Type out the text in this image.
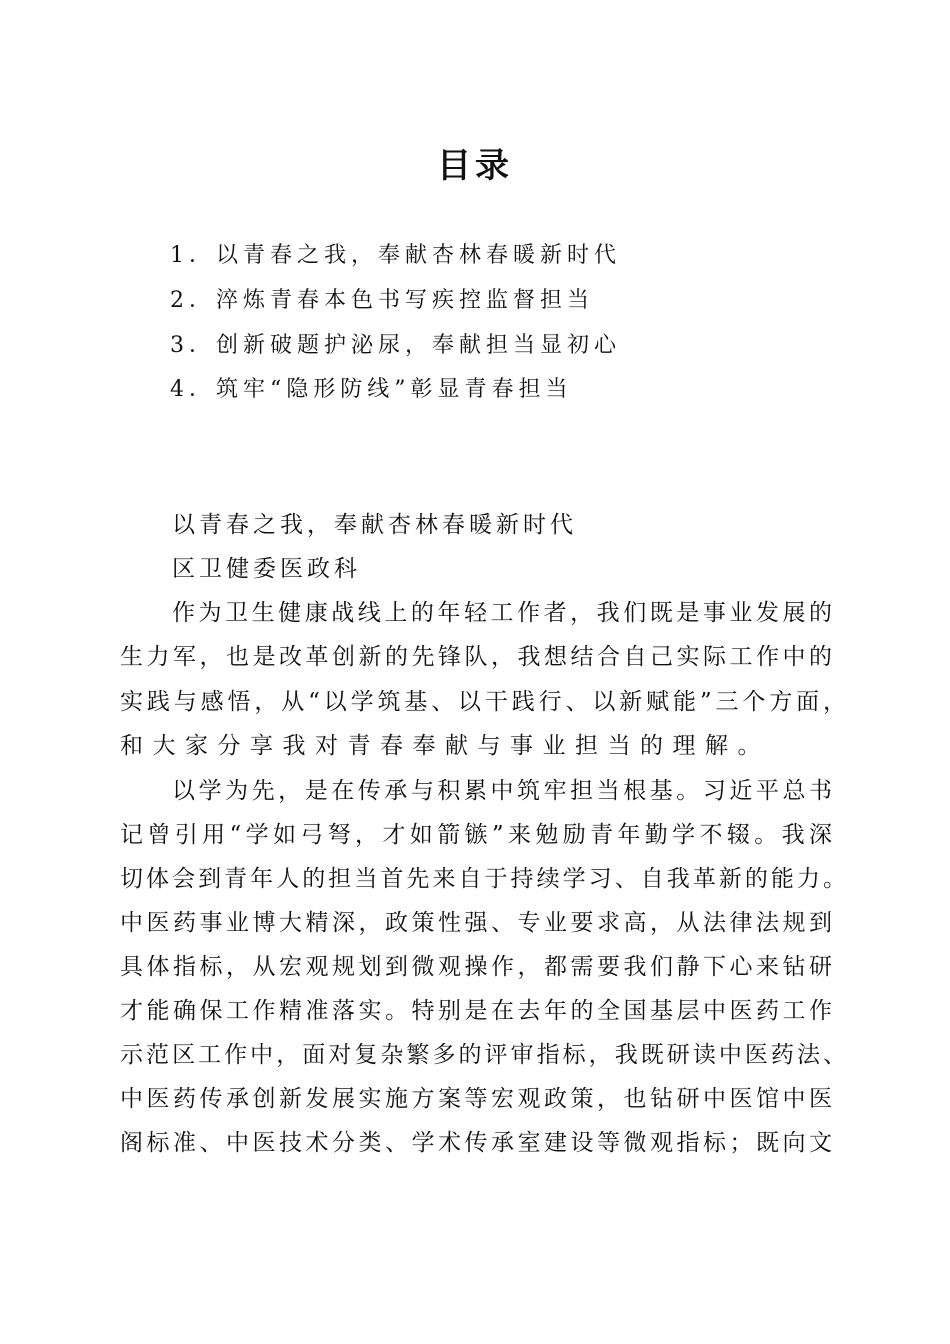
目录
1．以青春之我，奉献杏林春暖新时代
2．淬炼青春本色书写疾控监督担当
3．创新破题护泌尿，奉献担当显初心
4．筑牢“隐形防线”彰显青春担当
以青春之我，奉献杏林春暖新时代
区卫健委医政科
作为卫生健康战线上的年轻工作者，我们既是事业发展的
生力军，也是改革创新的先锋队，我想结合自己实际工作中的
实践与感悟，从“以学筑基、以干践行、以新赋能”三个方面，
和大家分享我对青春奉献与事业担当的理解。
以学为先，是在传承与积累中筑牢担当根基。习近平总书
记曾引用“学如弓弩，才如箭镞”来勉励青年勤学不辍。我深
切体会到青年人的担当首先来自于持续学习、自我革新的能力。
中医药事业博大精深，政策性强、专业要求高，从法律法规到
具体指标，从宏观规划到微观操作，都需要我们静下心来钻研
才能确保工作精准落实。特别是在去年的全国基层中医药工作
示范区工作中，面对复杂繁多的评审指标，我既研读中医药法、
中医药传承创新发展实施方案等宏观政策，也钻研中医馆中医
阁标准、中医技术分类、学术传承室建设等微观指标；既向文
